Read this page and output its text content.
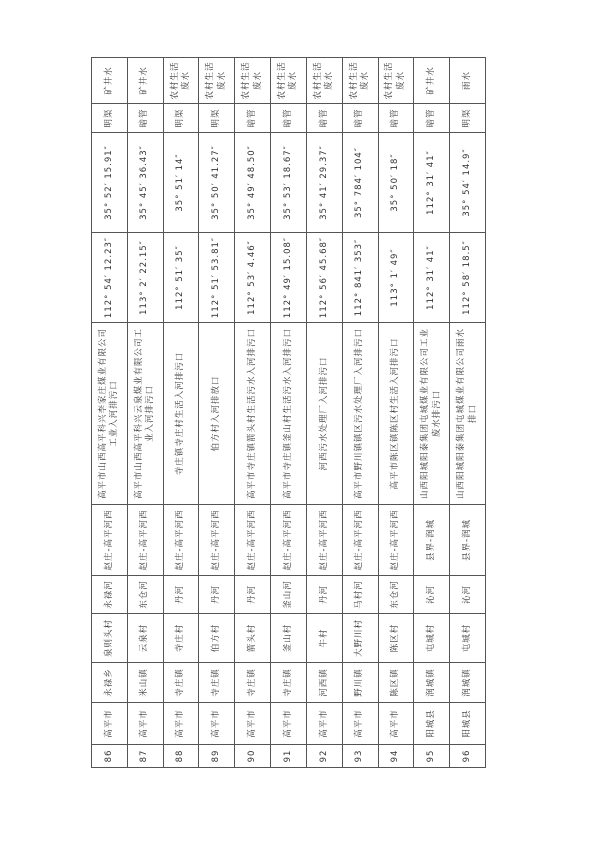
86	高平市	永禄乡	泉则头村	永禄河	赵庄-高平河西	高平市山西高平科兴李家庄煤业有限公司工业入河排污口	112° 54′ 12.23″	35° 52′ 15.91″	明渠	矿井水
87	高平市	米山镇	云泉村	东仓河	赵庄-高平河西	高平市山西高平科兴云泉煤业有限公司工业入河排污口	113° 2′ 22.15″	35° 45′ 36.43″	暗管	矿井水
88	高平市	寺庄镇	寺庄村	丹河	赵庄-高平河西	寺庄镇寺庄村生活入河排污口	112° 51′ 35″	35° 51′ 14″	明渠	农村生活废水
89	高平市	寺庄镇	伯方村	丹河	赵庄-高平河西	伯方村入河排放口	112° 51′ 53.81″	35° 50′ 41.27″	明渠	农村生活废水
90	高平市	寺庄镇	箭头村	丹河	赵庄-高平河西	高平市寺庄镇箭头村生活污水入河排污口	112° 53′ 4.46″	35° 49′ 48.50″	暗管	农村生活废水
91	高平市	寺庄镇	釜山村	釜山河	赵庄-高平河西	高平市寺庄镇釜山村生活污水入河排污口	112° 49′ 15.08″	35° 53′ 18.67″	暗管	农村生活废水
92	高平市	河西镇	牛村	丹河	赵庄-高平河西	河西污水处理厂入河排污口	112° 56′ 45.68″	35° 41′ 29.37″	暗管	农村生活废水
93	高平市	野川镇	大野川村	马村河	赵庄-高平河西	高平市野川镇镇区污水处理厂入河排污口	112° 841′ 353″	35° 784′ 104″	暗管	农村生活废水
94	高平市	陈区镇	陈区村	东仓河	赵庄-高平河西	高平市陈区镇陈区村生活入河排污口	113° 1′ 49″	35° 50′ 18″	暗管	农村生活废水
95	阳城县	润城镇	屯城村	沁河	县界-润城	山西阳城阳泰集团屯城煤业有限公司工业废水排污口	112° 31′ 41″	112° 31′ 41″	暗管	矿井水
96	阳城县	润城镇	屯城村	沁河	县界-润城	山西阳城阳泰集团屯城煤业有限公司雨水排口	112° 58′ 18.5″	35° 54′ 14.9″	明渠	雨水
